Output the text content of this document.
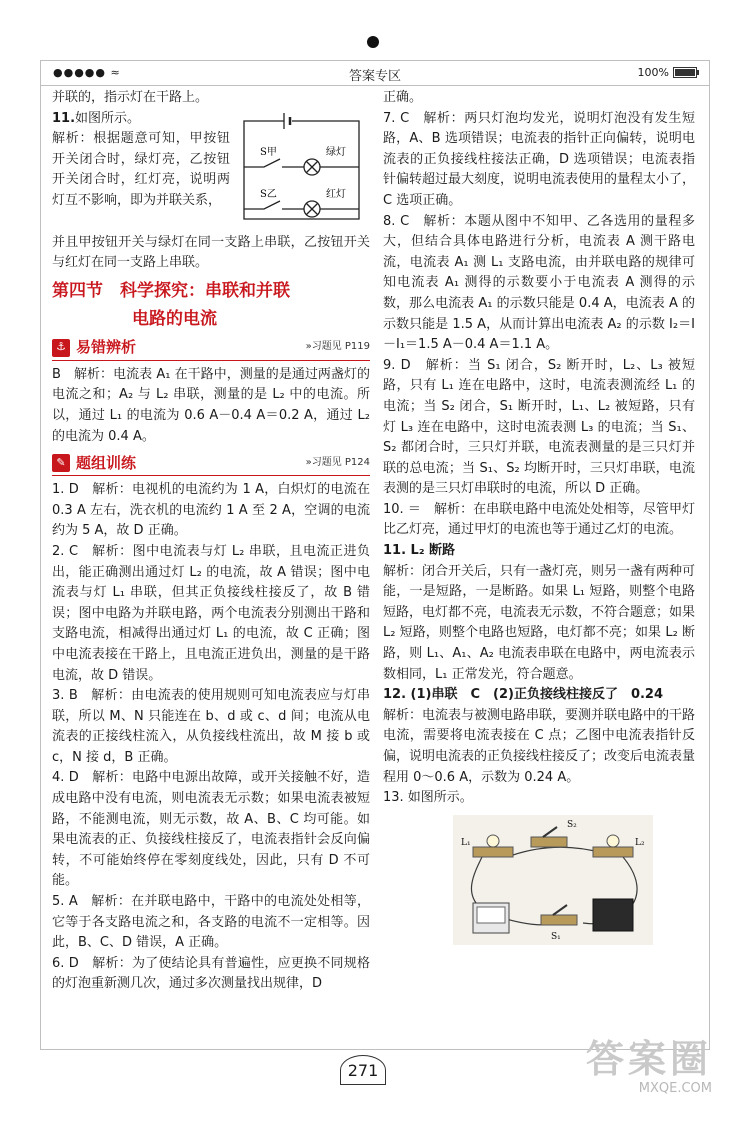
●●●●● ≈	答案专区	100%

并联的，指示灯在干路上。

11.如图所示。

解析：根据题意可知，甲按钮开关闭合时，绿灯亮，乙按钮开关闭合时，红灯亮，说明两灯互不影响，即为并联关系，

S甲
S乙
绿灯
红灯

并且甲按钮开关与绿灯在同一支路上串联，乙按钮开关与红灯在同一支路上串联。

第四节　科学探究：串联和并联
电路的电流
⚓ 易错辨析	»习题见 P119

B　解析：电流表 A₁ 在干路中，测量的是通过两盏灯的电流之和；A₂ 与 L₂ 串联，测量的是 L₂ 中的电流。所以，通过 L₁ 的电流为 0.6 A－0.4 A＝0.2 A，通过 L₂ 的电流为 0.4 A。

✎ 题组训练	»习题见 P124

1. D　解析：电视机的电流约为 1 A，白炽灯的电流在 0.3 A 左右，洗衣机的电流约 1 A 至 2 A，空调的电流约为 5 A，故 D 正确。

2. C　解析：图中电流表与灯 L₂ 串联，且电流正进负出，能正确测出通过灯 L₂ 的电流，故 A 错误；图中电流表与灯 L₁ 串联，但其正负接线柱接反了，故 B 错误；图中电路为并联电路，两个电流表分别测出干路和支路电流，相减得出通过灯 L₁ 的电流，故 C 正确；图中电流表接在干路上，且电流正进负出，测量的是干路电流，故 D 错误。

3. B　解析：由电流表的使用规则可知电流表应与灯串联，所以 M、N 只能连在 b、d 或 c、d 间；电流从电流表的正接线柱流入，从负接线柱流出，故 M 接 b 或 c，N 接 d，B 正确。

4. D　解析：电路中电源出故障，或开关接触不好，造成电路中没有电流，则电流表无示数；如果电流表被短路，不能测电流，则无示数，故 A、B、C 均可能。如果电流表的正、负接线柱接反了，电流表指针会反向偏转，不可能始终停在零刻度线处，因此，只有 D 不可能。

5. A　解析：在并联电路中，干路中的电流处处相等，它等于各支路电流之和，各支路的电流不一定相等。因此，B、C、D 错误，A 正确。

6. D　解析：为了使结论具有普遍性，应更换不同规格的灯泡重新测几次，通过多次测量找出规律，D

正确。

7. C　解析：两只灯泡均发光，说明灯泡没有发生短路，A、B 选项错误；电流表的指针正向偏转，说明电流表的正负接线柱接法正确，D 选项错误；电流表指针偏转超过最大刻度，说明电流表使用的量程太小了，C 选项正确。

8. C　解析：本题从图中不知甲、乙各选用的量程多大，但结合具体电路进行分析，电流表 A 测干路电流，电流表 A₁ 测 L₁ 支路电流，由并联电路的规律可知电流表 A₁ 测得的示数要小于电流表 A 测得的示数，那么电流表 A₁ 的示数只能是 0.4 A，电流表 A 的示数只能是 1.5 A，从而计算出电流表 A₂ 的示数 I₂＝I－I₁＝1.5 A－0.4 A＝1.1 A。

9. D　解析：当 S₁ 闭合，S₂ 断开时，L₂、L₃ 被短路，只有 L₁ 连在电路中，这时，电流表测流经 L₁ 的电流；当 S₂ 闭合，S₁ 断开时，L₁、L₂ 被短路，只有灯 L₃ 连在电路中，这时电流表测 L₃ 的电流；当 S₁、S₂ 都闭合时，三只灯并联，电流表测量的是三只灯并联的总电流；当 S₁、S₂ 均断开时，三只灯串联，电流表测的是三只灯串联时的电流，所以 D 正确。

10. ＝　解析：在串联电路中电流处处相等，尽管甲灯比乙灯亮，通过甲灯的电流也等于通过乙灯的电流。

11. L₂ 断路

解析：闭合开关后，只有一盏灯亮，则另一盏有两种可能，一是短路，一是断路。如果 L₁ 短路，则整个电路短路，电灯都不亮，电流表无示数，不符合题意；如果 L₂ 短路，则整个电路也短路，电灯都不亮；如果 L₂ 断路，则 L₁、A₁、A₂ 电流表串联在电路中，两电流表示数相同，L₁ 正常发光，符合题意。

12. (1)串联　C　(2)正负接线柱接反了　0.24

解析：电流表与被测电路串联，要测并联电路中的干路电流，需要将电流表接在 C 点；乙图中电流表指针反偏，说明电流表的正负接线柱接反了；改变后电流表量程用 0～0.6 A，示数为 0.24 A。

13. 如图所示。

S₂
L₁	L₂
S₁
271	答案圈
MXQE.COM
